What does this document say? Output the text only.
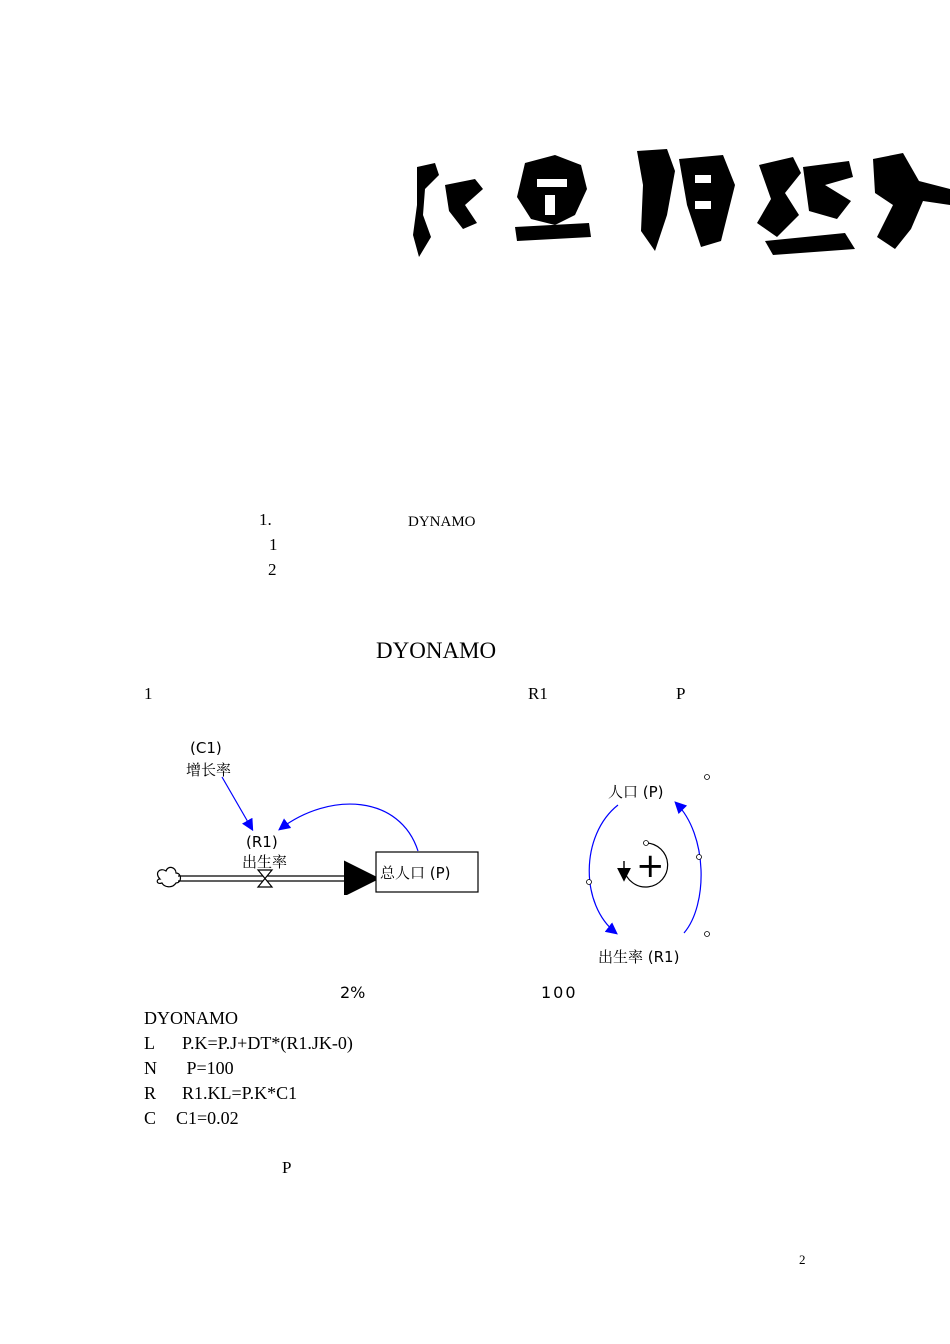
1.	DYNAMO
1
2
DYONAMO
1	R1	P
(C1)
增长率
(R1)
出生率
总人口 (P)
人口 (P)
出生率 (R1)
+
2%	100
DYONAMO
L P.K=P.J+DT*(R1.JK-0)
N P=100
R R1.KL=P.K*C1
C C1=0.02
P
2
